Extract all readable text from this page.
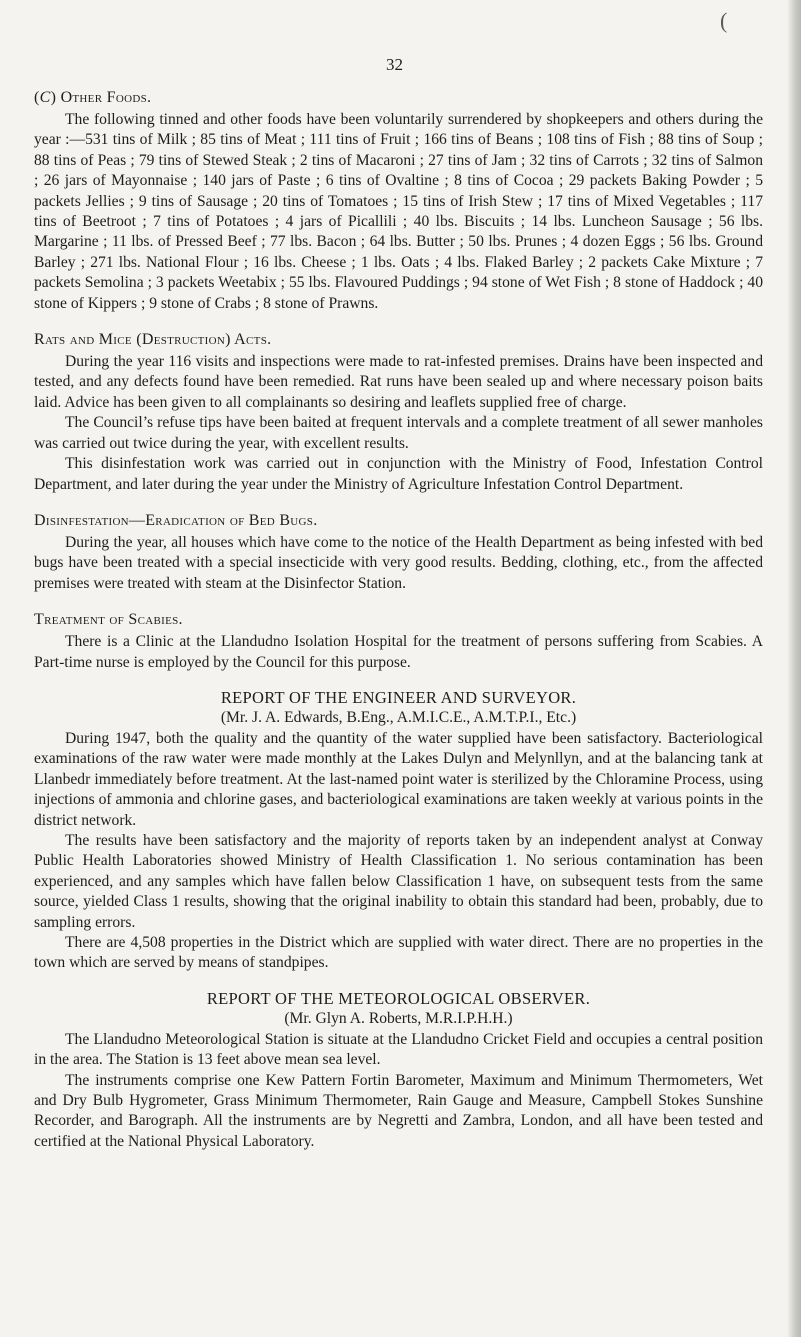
(
32
(C) Other Foods.

The following tinned and other foods have been voluntarily surrendered by shopkeepers and others during the year :—531 tins of Milk ; 85 tins of Meat ; 111 tins of Fruit ; 166 tins of Beans ; 108 tins of Fish ; 88 tins of Soup ; 88 tins of Peas ; 79 tins of Stewed Steak ; 2 tins of Macaroni ; 27 tins of Jam ; 32 tins of Carrots ; 32 tins of Salmon ; 26 jars of Mayonnaise ; 140 jars of Paste ; 6 tins of Ovaltine ; 8 tins of Cocoa ; 29 packets Baking Powder ; 5 packets Jellies ; 9 tins of Sausage ; 20 tins of Tomatoes ; 15 tins of Irish Stew ; 17 tins of Mixed Vegetables ; 117 tins of Beetroot ; 7 tins of Potatoes ; 4 jars of Picallili ; 40 lbs. Biscuits ; 14 lbs. Luncheon Sausage ; 56 lbs. Margarine ; 11 lbs. of Pressed Beef ; 77 lbs. Bacon ; 64 lbs. Butter ; 50 lbs. Prunes ; 4 dozen Eggs ; 56 lbs. Ground Barley ; 271 lbs. National Flour ; 16 lbs. Cheese ; 1 lbs. Oats ; 4 lbs. Flaked Barley ; 2 packets Cake Mixture ; 7 packets Semolina ; 3 packets Weetabix ; 55 lbs. Flavoured Puddings ; 94 stone of Wet Fish ; 8 stone of Haddock ; 40 stone of Kippers ; 9 stone of Crabs ; 8 stone of Prawns.

Rats and Mice (Destruction) Acts.

During the year 116 visits and inspections were made to rat-infested premises. Drains have been inspected and tested, and any defects found have been remedied. Rat runs have been sealed up and where necessary poison baits laid. Advice has been given to all complainants so desiring and leaflets supplied free of charge.

The Council’s refuse tips have been baited at frequent intervals and a complete treatment of all sewer manholes was carried out twice during the year, with excellent results.

This disinfestation work was carried out in conjunction with the Ministry of Food, Infestation Control Department, and later during the year under the Ministry of Agriculture Infestation Control Department.

Disinfestation—Eradication of Bed Bugs.

During the year, all houses which have come to the notice of the Health Department as being infested with bed bugs have been treated with a special insecticide with very good results. Bedding, clothing, etc., from the affected premises were treated with steam at the Disinfector Station.

Treatment of Scabies.

There is a Clinic at the Llandudno Isolation Hospital for the treatment of persons suffering from Scabies. A Part-time nurse is employed by the Council for this purpose.

REPORT OF THE ENGINEER AND SURVEYOR.
(Mr. J. A. Edwards, B.Eng., A.M.I.C.E., A.M.T.P.I., Etc.)

During 1947, both the quality and the quantity of the water supplied have been satisfactory. Bacteriological examinations of the raw water were made monthly at the Lakes Dulyn and Melynllyn, and at the balancing tank at Llanbedr immediately before treatment. At the last-named point water is sterilized by the Chloramine Process, using injections of ammonia and chlorine gases, and bacteriological examinations are taken weekly at various points in the district network.

The results have been satisfactory and the majority of reports taken by an independent analyst at Conway Public Health Laboratories showed Ministry of Health Classification 1. No serious contamination has been experienced, and any samples which have fallen below Classification 1 have, on subsequent tests from the same source, yielded Class 1 results, showing that the original inability to obtain this standard had been, probably, due to sampling errors.

There are 4,508 properties in the District which are supplied with water direct. There are no properties in the town which are served by means of standpipes.

REPORT OF THE METEOROLOGICAL OBSERVER.
(Mr. Glyn A. Roberts, M.R.I.P.H.H.)

The Llandudno Meteorological Station is situate at the Llandudno Cricket Field and occupies a central position in the area. The Station is 13 feet above mean sea level.

The instruments comprise one Kew Pattern Fortin Barometer, Maximum and Minimum Thermometers, Wet and Dry Bulb Hygrometer, Grass Minimum Thermometer, Rain Gauge and Measure, Campbell Stokes Sunshine Recorder, and Barograph. All the instruments are by Negretti and Zambra, London, and all have been tested and certified at the National Physical Laboratory.
